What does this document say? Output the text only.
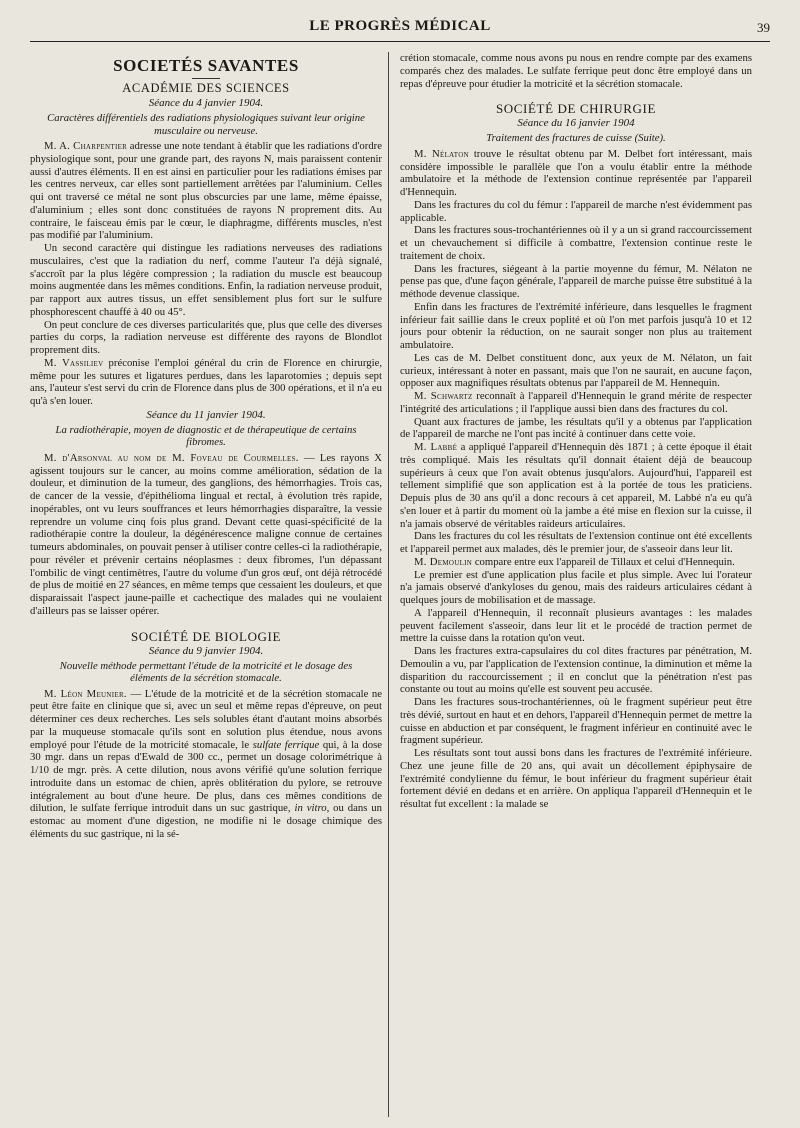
LE PROGRÈS MÉDICAL	39
SOCIETÉS SAVANTES
ACADÉMIE DES SCIENCES
Séance du 4 janvier 1904.
Caractères différentiels des radiations physiologiques suivant leur origine musculaire ou nerveuse.

M. A. Charpentier adresse une note tendant à établir que les radiations d'ordre physiologique sont, pour une grande part, des rayons N, mais paraissent contenir aussi d'autres éléments. Il en est ainsi en particulier pour les radiations émises par les centres nerveux, car elles sont partiellement arrêtées par l'aluminium. Celles qui ont traversé ce métal ne sont plus obscurcies par une lame, même épaisse, d'aluminium ; elles sont donc constituées de rayons N proprement dits. Au contraire, le faisceau émis par le cœur, le diaphragme, différents muscles, n'est pas modifié par l'aluminium.

Un second caractère qui distingue les radiations nerveuses des radiations musculaires, c'est que la radiation du nerf, comme l'auteur l'a déjà signalé, s'accroît par la plus légère compression ; la radiation du muscle est beaucoup moins augmentée dans les mêmes conditions. Enfin, la radiation nerveuse produit, par rapport aux autres tissus, un effet sensiblement plus fort sur le sulfure phosphorescent chauffé à 40 ou 45°.

On peut conclure de ces diverses particularités que, plus que celle des diverses parties du corps, la radiation nerveuse est différente des rayons de Blondlot proprement dits.

M. Vassiliev préconise l'emploi général du crin de Florence en chirurgie, même pour les sutures et ligatures perdues, dans les laparotomies ; depuis sept ans, l'auteur s'est servi du crin de Florence dans plus de 300 opérations, et il n'a eu qu'à s'en louer.

Séance du 11 janvier 1904.
La radiothérapie, moyen de diagnostic et de thérapeutique de certains fibromes.

M. d'Arsonval au nom de M. Foveau de Courmelles. — Les rayons X agissent toujours sur le cancer, au moins comme amélioration, sédation de la douleur, et diminution de la tumeur, des ganglions, des hémorrhagies. Trois cas, de cancer de la vessie, d'épithélioma lingual et rectal, à évolution très rapide, inopérables, ont vu leurs souffrances et leurs hémorrhagies disparaître, la vessie reprendre un volume cinq fois plus grand. Devant cette quasi-spécificité de la radiothérapie contre la douleur, la dégénérescence maligne connue de certaines tumeurs abdominales, on pouvait penser à utiliser contre celles-ci la radiothérapie, pour révéler et prévenir certains néoplasmes : deux fibromes, l'un dépassant l'ombilic de vingt centimètres, l'autre du volume d'un gros œuf, ont déjà rétrocédé de plus de moitié en 27 séances, en même temps que cessaient les douleurs, et que disparaissait l'aspect jaune-paille et cachectique des malades qui ne voulaient d'ailleurs pas se laisser opérer.

SOCIÉTÉ DE BIOLOGIE
Séance du 9 janvier 1904.
Nouvelle méthode permettant l'étude de la motricité et le dosage des éléments de la sécrétion stomacale.

M. Léon Meunier. — L'étude de la motricité et de la sécrétion stomacale ne peut être faite en clinique que si, avec un seul et même repas d'épreuve, on peut déterminer ces deux recherches. Les sels solubles étant d'autant moins absorbés par la muqueuse stomacale qu'ils sont en solution plus étendue, nous avons employé pour l'étude de la motricité stomacale, le sulfate ferrique qui, à la dose 30 mgr. dans un repas d'Ewald de 300 cc., permet un dosage colorimétrique à 1/10 de mgr. près. A cette dilution, nous avons vérifié qu'une solution ferrique introduite dans un estomac de chien, après oblitération du pylore, se retrouve intégralement au bout d'une heure. De plus, dans ces mêmes conditions de dilution, le sulfate ferrique introduit dans un suc gastrique, in vitro, ou dans un estomac au moment d'une digestion, ne modifie ni le dosage chimique des éléments du suc gastrique, ni la sé-

crétion stomacale, comme nous avons pu nous en rendre compte par des examens comparés chez des malades. Le sulfate ferrique peut donc être employé dans un repas d'épreuve pour étudier la motricité et la sécrétion stomacale.

SOCIÉTÉ DE CHIRURGIE
Séance du 16 janvier 1904
Traitement des fractures de cuisse (Suite).

M. Nélaton trouve le résultat obtenu par M. Delbet fort intéressant, mais considère impossible le parallèle que l'on a voulu établir entre la méthode ambulatoire et la méthode de l'extension continue représentée par l'appareil d'Hennequin.

Dans les fractures du col du fémur : l'appareil de marche n'est évidemment pas applicable.

Dans les fractures sous-trochantériennes où il y a un si grand raccourcissement et un chevauchement si difficile à combattre, l'extension continue reste le traitement de choix.

Dans les fractures, siégeant à la partie moyenne du fémur, M. Nélaton ne pense pas que, d'une façon générale, l'appareil de marche puisse être substitué à la méthode devenue classique.

Enfin dans les fractures de l'extrémité inférieure, dans lesquelles le fragment inférieur fait saillie dans le creux poplité et où l'on met parfois jusqu'à 10 et 12 jours pour obtenir la réduction, on ne saurait songer non plus au traitement ambulatoire.

Les cas de M. Delbet constituent donc, aux yeux de M. Nélaton, un fait curieux, intéressant à noter en passant, mais que l'on ne saurait, en aucune façon, opposer aux magnifiques résultats obtenus par l'appareil de M. Hennequin.

M. Schwartz reconnaît à l'appareil d'Hennequin le grand mérite de respecter l'intégrité des articulations ; il l'applique aussi bien dans des fractures du col.

Quant aux fractures de jambe, les résultats qu'il y a obtenus par l'application de l'appareil de marche ne l'ont pas incité à continuer dans cette voie.

M. Labbé a appliqué l'appareil d'Hennequin dès 1871 ; à cette époque il était très compliqué. Mais les résultats qu'il donnait étaient déjà de beaucoup supérieurs à ceux que l'on avait obtenus jusqu'alors. Aujourd'hui, l'appareil est tellement simplifié que son application est à la portée de tous les praticiens. Depuis plus de 30 ans qu'il a donc recours à cet appareil, M. Labbé n'a eu qu'à s'en louer et à partir du moment où la jambe a été mise en flexion sur la cuisse, il n'a jamais observé de véritables raideurs articulaires.

Dans les fractures du col les résultats de l'extension continue ont été excellents et l'appareil permet aux malades, dès le premier jour, de s'asseoir dans leur lit.

M. Demoulin compare entre eux l'appareil de Tillaux et celui d'Hennequin.

Le premier est d'une application plus facile et plus simple. Avec lui l'orateur n'a jamais observé d'ankyloses du genou, mais des raideurs articulaires cédant à quelques jours de mobilisation et de massage.

A l'appareil d'Hennequin, il reconnaît plusieurs avantages : les malades peuvent facilement s'asseoir, dans leur lit et le procédé de traction permet de mettre la cuisse dans la rotation qu'on veut.

Dans les fractures extra-capsulaires du col dites fractures par pénétration, M. Demoulin a vu, par l'application de l'extension continue, la diminution et même la disparition du raccourcissement ; il en conclut que la pénétration n'est pas constante ou tout au moins qu'elle est souvent peu accusée.

Dans les fractures sous-trochantériennes, où le fragment supérieur peut être très dévié, surtout en haut et en dehors, l'appareil d'Hennequin permet de mettre la cuisse en abduction et par conséquent, le fragment inférieur en continuité avec le fragment supérieur.

Les résultats sont tout aussi bons dans les fractures de l'extrémité inférieure. Chez une jeune fille de 20 ans, qui avait un décollement épiphysaire de l'extrémité condylienne du fémur, le bout inférieur du fragment supérieur était fortement dévié en dedans et en arrière. On appliqua l'appareil d'Hennequin et le résultat fut excellent : la malade se
